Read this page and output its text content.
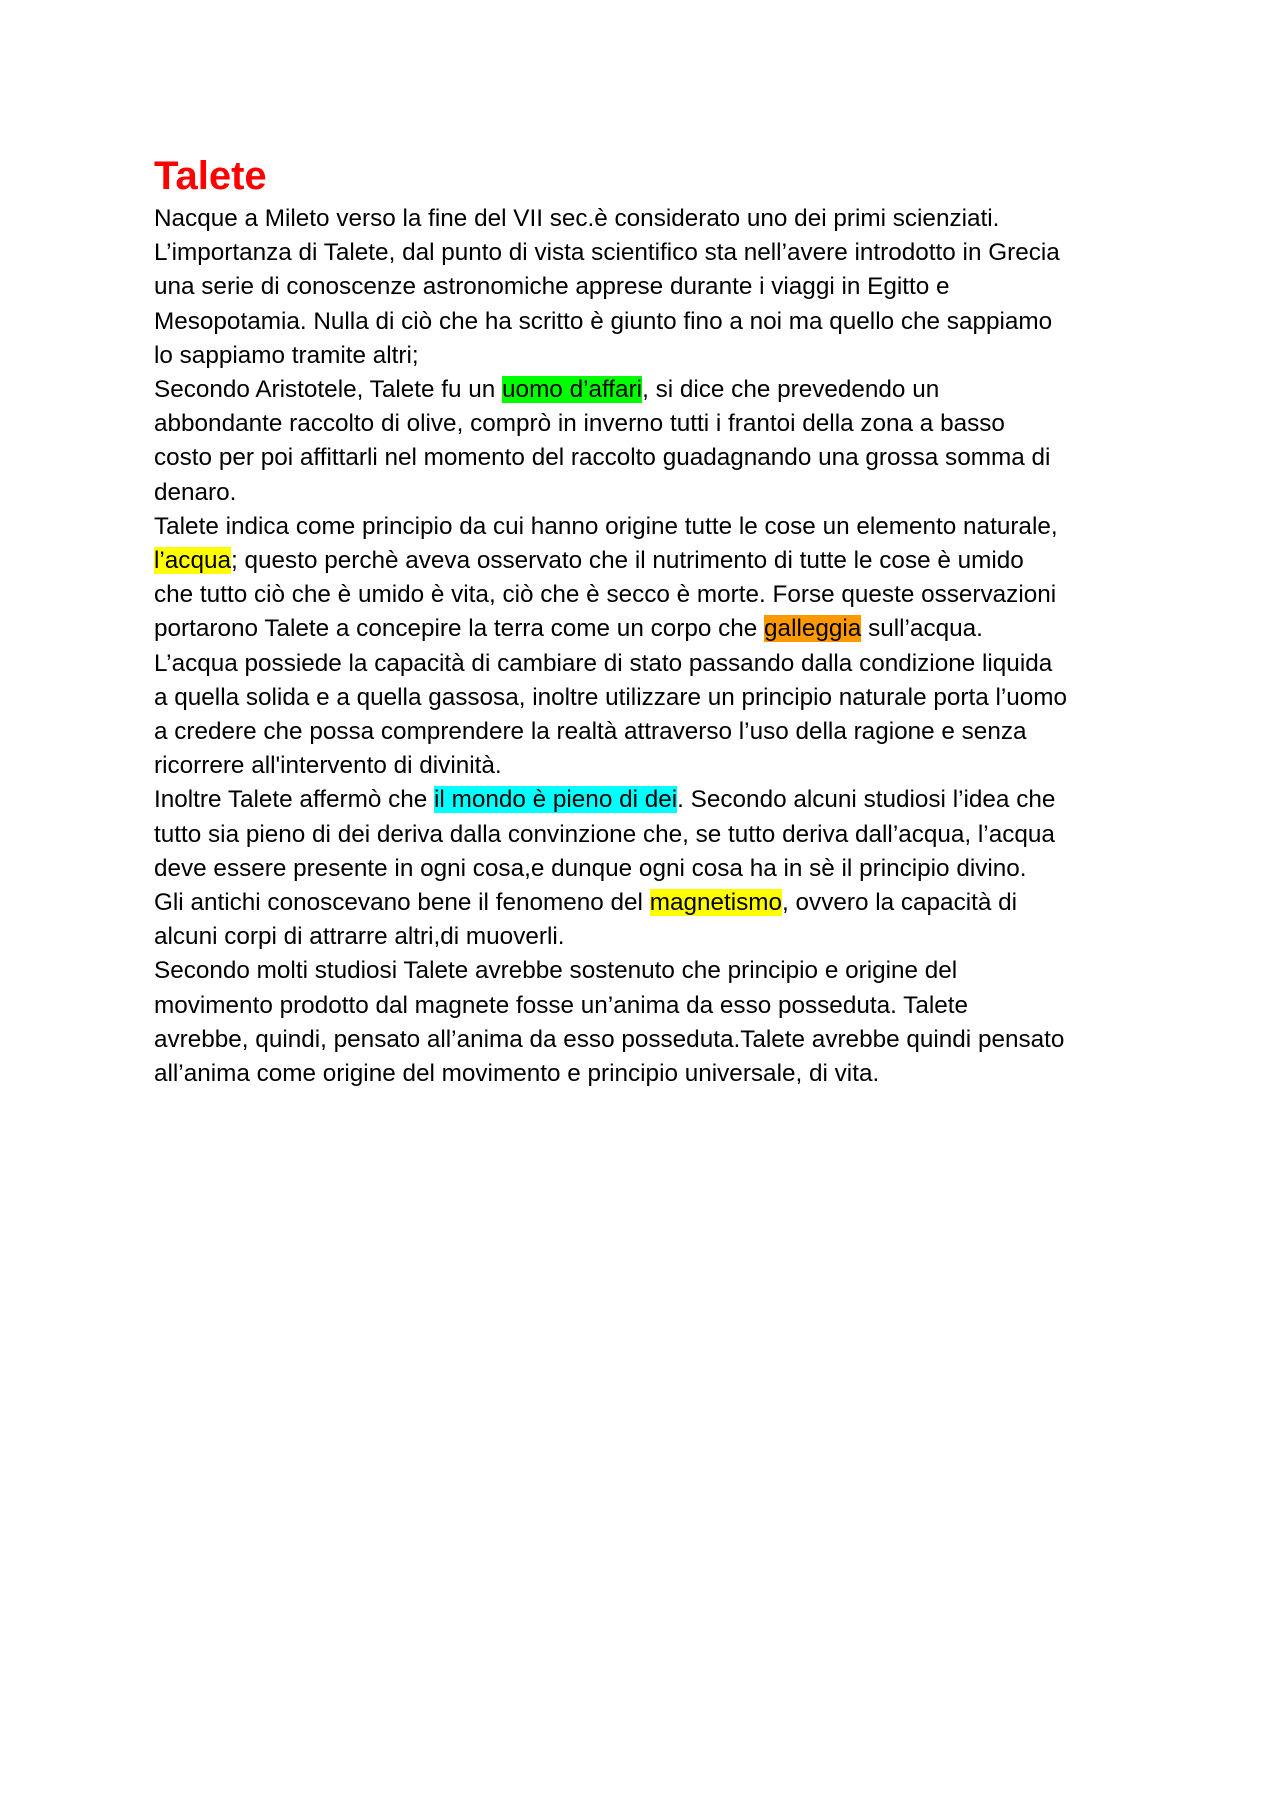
Talete

Nacque a Mileto verso la fine del VII sec.è considerato uno dei primi scienziati.

L’importanza di Talete, dal punto di vista scientifico sta nell’avere introdotto in Grecia

una serie di conoscenze astronomiche apprese durante i viaggi in Egitto e

Mesopotamia. Nulla di ciò che ha scritto è giunto fino a noi ma quello che sappiamo

lo sappiamo tramite altri;

Secondo Aristotele, Talete fu un uomo d’affari, si dice che prevedendo un

abbondante raccolto di olive, comprò in inverno tutti i frantoi della zona a basso

costo per poi affittarli nel momento del raccolto guadagnando una grossa somma di

denaro.

Talete indica come principio da cui hanno origine tutte le cose un elemento naturale,

l’acqua; questo perchè aveva osservato che il nutrimento di tutte le cose è umido

che tutto ciò che è umido è vita, ciò che è secco è morte. Forse queste osservazioni

portarono Talete a concepire la terra come un corpo che galleggia sull’acqua.

L’acqua possiede la capacità di cambiare di stato passando dalla condizione liquida

a quella solida e a quella gassosa, inoltre utilizzare un principio naturale porta l’uomo

a credere che possa comprendere la realtà attraverso l’uso della ragione e senza

ricorrere all'intervento di divinità.

Inoltre Talete affermò che il mondo è pieno di dei. Secondo alcuni studiosi l’idea che

tutto sia pieno di dei deriva dalla convinzione che, se tutto deriva dall’acqua, l’acqua

deve essere presente in ogni cosa,e dunque ogni cosa ha in sè il principio divino.

Gli antichi conoscevano bene il fenomeno del magnetismo, ovvero la capacità di

alcuni corpi di attrarre altri,di muoverli.

Secondo molti studiosi Talete avrebbe sostenuto che principio e origine del

movimento prodotto dal magnete fosse un’anima da esso posseduta. Talete

avrebbe, quindi, pensato all’anima da esso posseduta.Talete avrebbe quindi pensato

all’anima come origine del movimento e principio universale, di vita.
